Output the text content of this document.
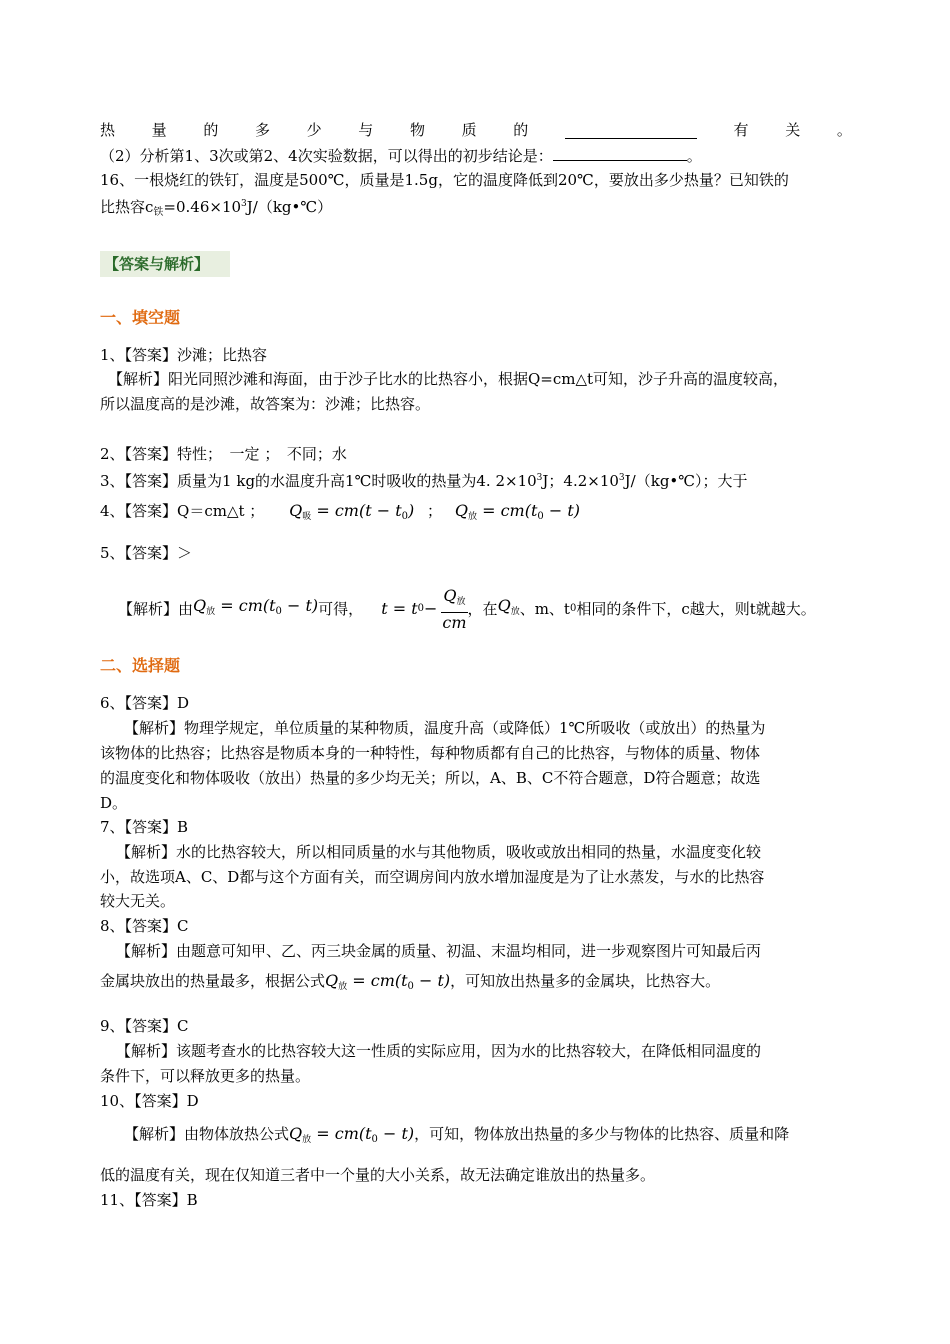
热 量 的 多 少 与 物 质 的	有 关 。
（2）分析第1、3次或第2、4次实验数据，可以得出的初步结论是：	。
16、一根烧红的铁钉，温度是500℃，质量是1.5g，它的温度降低到20℃，要放出多少热量？已知铁的
比热容$c_铁=0.46\times 10^3J/(kg•℃)$
【答案与解析】
一、填空题
1、【答案】沙滩；比热容
【解析】阳光同照沙滩和海面，由于沙子比水的比热容小，根据Q=cm△t可知，沙子升高的温度较高，
所以温度高的是沙滩，故答案为：沙滩；比热容。
2、【答案】特性；　一定 ；　不同；水
3、【答案】质量为1 kg的水温度升高1℃时吸收的热量为4. $2\times 10^3J$；$4.2\times 10^3J/(kg•℃)$；大于
4、【答案】Q＝cm△t ； $Q_吸 = cm(t - t0)$ ； $Q_放 = cm(t0 - t)$
5、【答案】＞
【解析】由 $Q_放 = cm(t0 - t)$ 可得， t = t $0 - \frac{Q_放}{cm}$ ，在 $Q_放$ 、m、t 0 相同的条件下，c越大，则t就越大。
二、选择题
6、【答案】D
【解析】物理学规定，单位质量的某种物质，温度升高（或降低）1℃所吸收（或放出）的热量为
该物体的比热容；比热容是物质本身的一种特性，每种物质都有自己的比热容，与物体的质量、物体
的温度变化和物体吸收（放出）热量的多少均无关；所以，A、B、C不符合题意，D符合题意；故选
D。
7、【答案】B
【解析】水的比热容较大，所以相同质量的水与其他物质，吸收或放出相同的热量，水温度变化较
小，故选项A、C、D都与这个方面有关，而空调房间内放水增加湿度是为了让水蒸发，与水的比热容
较大无关。
8、【答案】C
【解析】由题意可知甲、乙、丙三块金属的质量、初温、末温均相同，进一步观察图片可知最后丙
金属块放出的热量最多，根据公式$Q_放 = cm(t0 - t)$，可知放出热量多的金属块，比热容大。
9、【答案】C
【解析】该题考查水的比热容较大这一性质的实际应用，因为水的比热容较大，在降低相同温度的
条件下，可以释放更多的热量。
10、【答案】D
【解析】由物体放热公式$Q_放 = cm(t0 - t)$，可知，物体放出热量的多少与物体的比热容、质量和降
低的温度有关，现在仅知道三者中一个量的大小关系，故无法确定谁放出的热量多。
11、【答案】B
